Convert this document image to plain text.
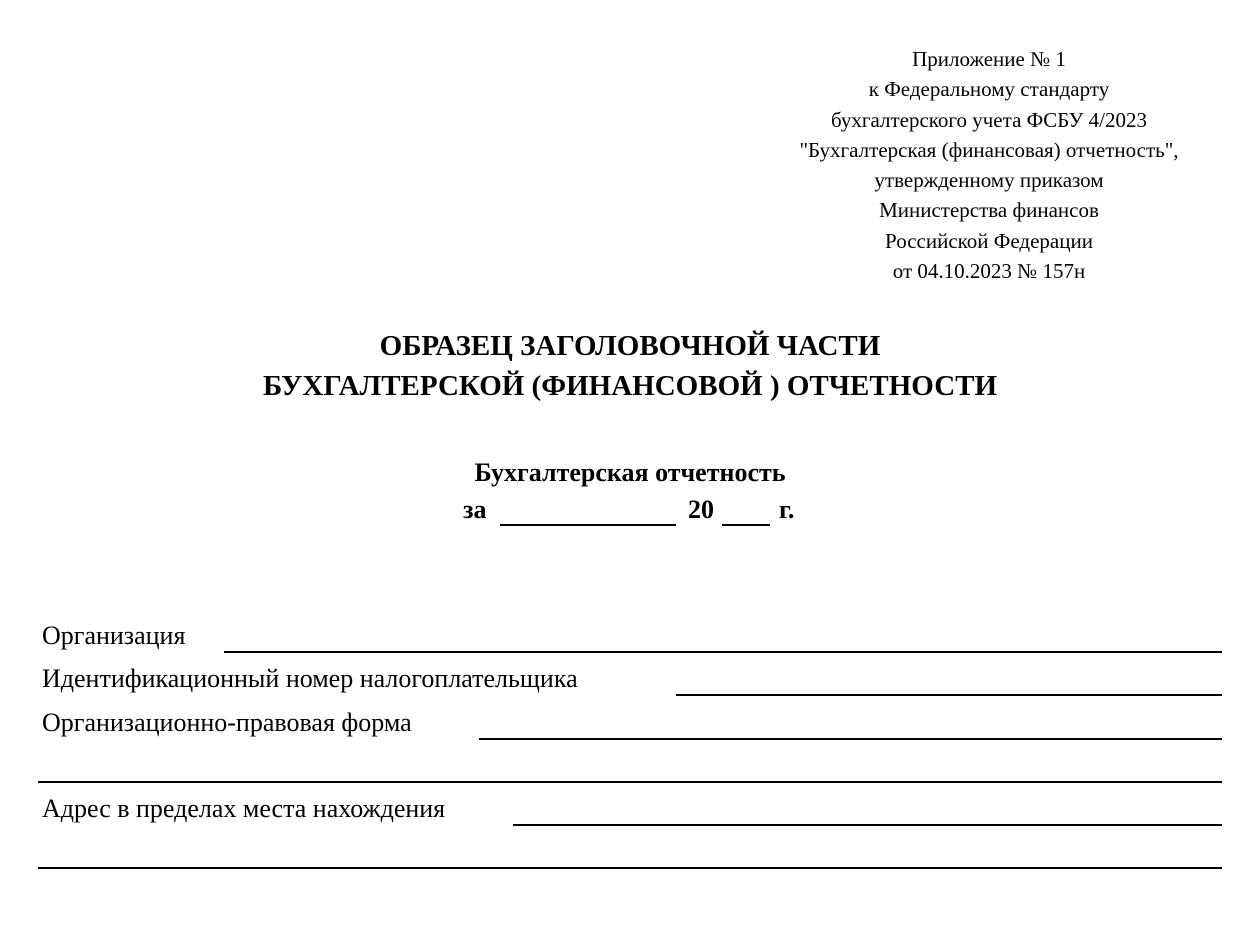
Приложение № 1
к Федеральному стандарту
бухгалтерского учета ФСБУ 4/2023
"Бухгалтерская (финансовая) отчетность",
утвержденному приказом
Министерства финансов
Российской Федерации
от 04.10.2023 № 157н
ОБРАЗЕЦ ЗАГОЛОВОЧНОЙ ЧАСТИ
БУХГАЛТЕРСКОЙ (ФИНАНСОВОЙ ) ОТЧЕТНОСТИ
Бухгалтерская отчетность
за	20	г.
Организация
Идентификационный номер налогоплательщика
Организационно-правовая форма
Адрес в пределах места нахождения
